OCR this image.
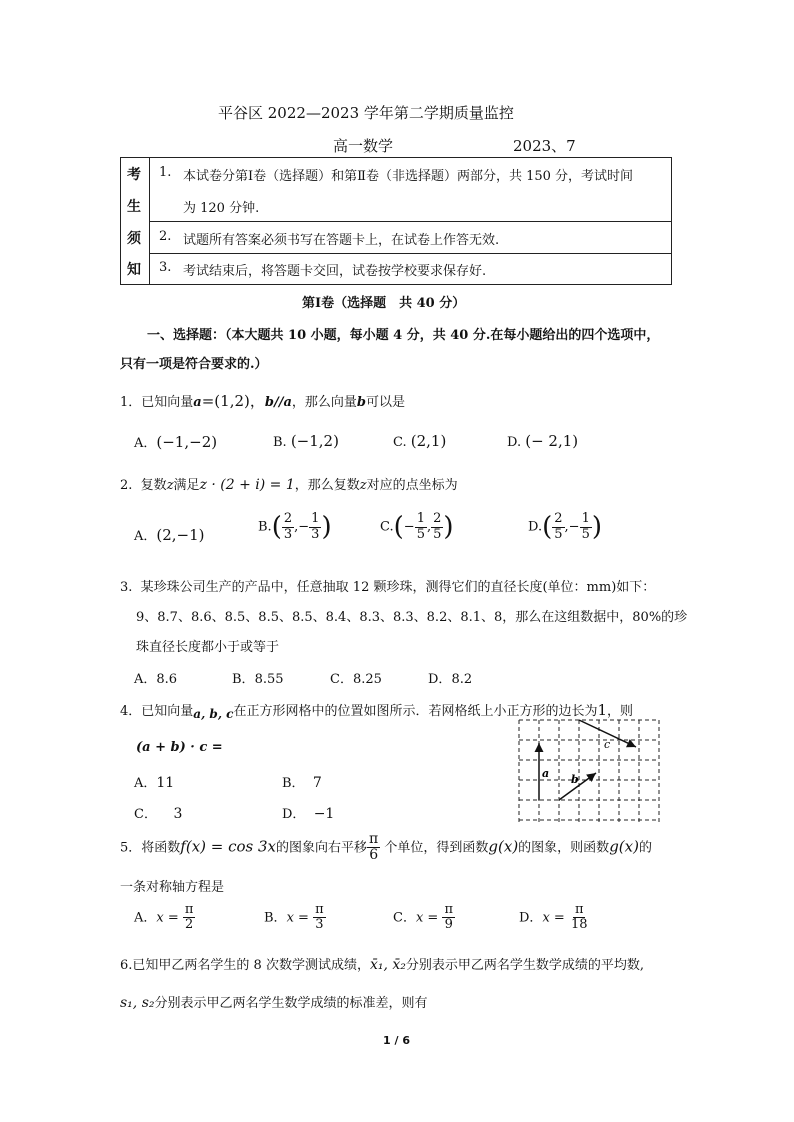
平谷区 2022—2023 学年第二学期质量监控
高一数学	2023、7
考
生
须
知
1. 本试卷分第Ⅰ卷（选择题）和第Ⅱ卷（非选择题）两部分，共 150 分，考试时间
为 120 分钟.
2. 试题所有答案必须书写在答题卡上，在试卷上作答无效.
3. 考试结束后，将答题卡交回，试卷按学校要求保存好.
第Ⅰ卷（选择题　共 40 分）
一、选择题：（本大题共 10 小题，每小题 4 分，共 40 分.在每小题给出的四个选项中，
只有一项是符合要求的.）
1．已知向量a=(1,2)，b//a，那么向量b可以是
A．(−1,−2)	B. (−1,2)	C. (2,1)	D. (− 2,1)
2. 复数z满足z · (2 + i) = 1，那么复数z对应的点坐标为
A．(2,−1)	$B.( \frac{2}{3}$ ,− $\frac{1}{3}$ )	$C.(- \frac{1}{5}$ , $\frac{2}{5}$ )	$D.( \frac{2}{5}$ ,− $\frac{1}{5}$ )
3. 某珍珠公司生产的产品中，任意抽取 12 颗珍珠，测得它们的直径长度(单位：mm)如下：
9、8.7、8.6、8.5、8.5、8.5、8.4、8.3、8.3、8.2、8.1、8，那么在这组数据中，80%的珍
珠直径长度都小于或等于
A．8.6	B．8.55	C．8.25	D．8.2
4．已知向量a, b, c在正方形网格中的位置如图所示．若网格纸上小正方形的边长为1，则
(a + b) · c =
A．11	B． 7
C． 3	D． −1
a b
c
5．将函数f(x) = cos 3x的图象向右平移 $\frac{\pi}{6}$ 个单位，得到函数g(x)的图象，则函数g(x)的
一条对称轴方程是
A．$x = \frac{\pi}{2}$	B．$x = \frac{\pi}{3}$	C．$x = \frac{\pi}{9}$	D．$x = \frac{\pi}{18}$
6.已知甲乙两名学生的 8 次数学测试成绩，x̄₁, x̄₂分别表示甲乙两名学生数学成绩的平均数,
s₁, s₂分别表示甲乙两名学生数学成绩的标准差，则有
1 / 6
